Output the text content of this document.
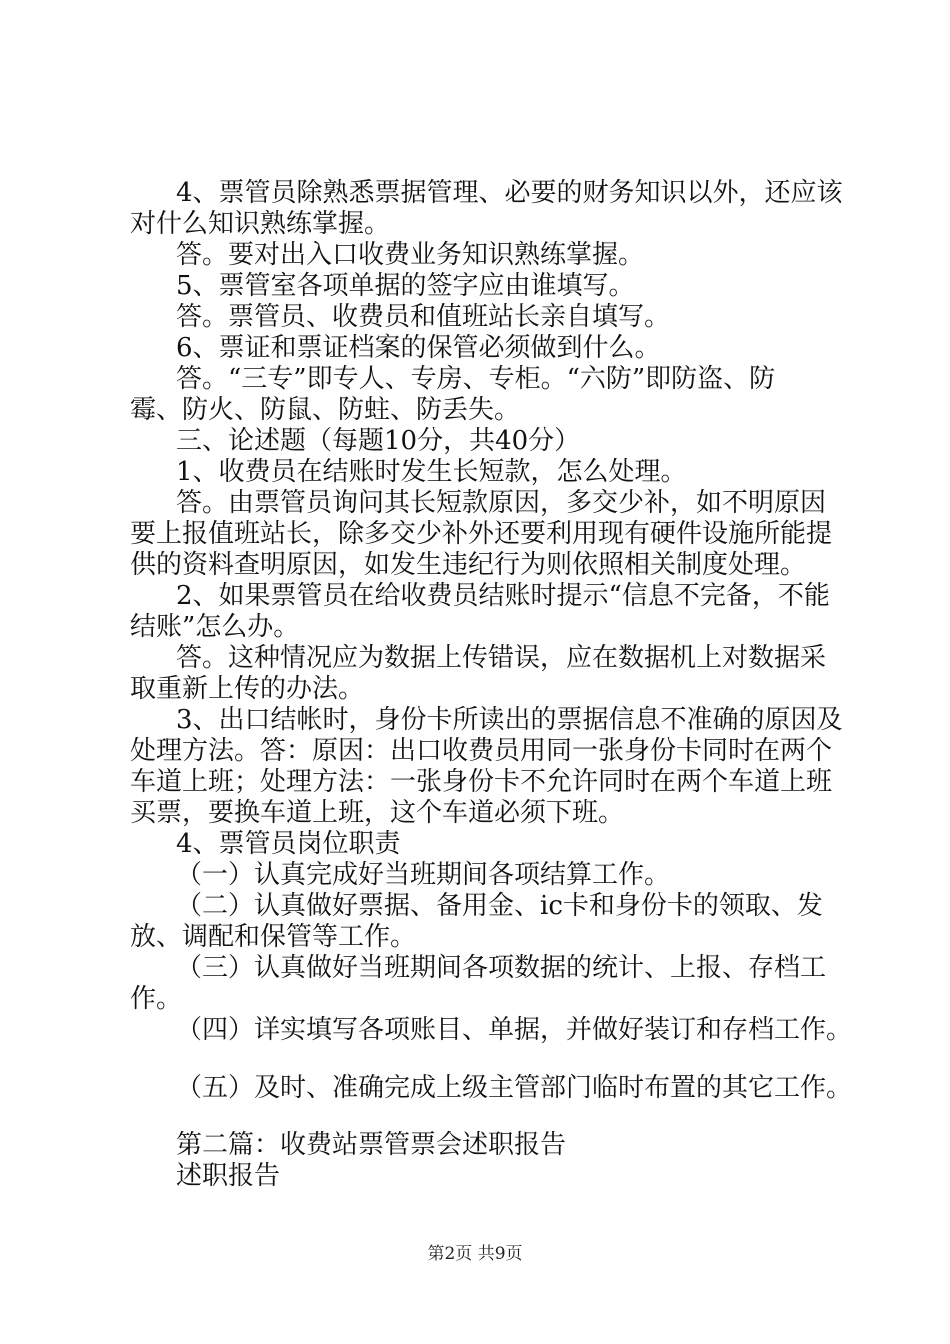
4、票管员除熟悉票据管理、必要的财务知识以外，还应该
对什么知识熟练掌握。
答。要对出入口收费业务知识熟练掌握。
5、票管室各项单据的签字应由谁填写。
答。票管员、收费员和值班站长亲自填写。
6、票证和票证档案的保管必须做到什么。
答。“三专”即专人、专房、专柜。“六防”即防盗、防
霉、防火、防鼠、防蛀、防丢失。
三、论述题（每题10分，共40分）
1、收费员在结账时发生长短款，怎么处理。
答。由票管员询问其长短款原因，多交少补，如不明原因
要上报值班站长，除多交少补外还要利用现有硬件设施所能提
供的资料查明原因，如发生违纪行为则依照相关制度处理。
2、如果票管员在给收费员结账时提示“信息不完备，不能
结账”怎么办。
答。这种情况应为数据上传错误，应在数据机上对数据采
取重新上传的办法。
3、出口结帐时，身份卡所读出的票据信息不准确的原因及
处理方法。答：原因：出口收费员用同一张身份卡同时在两个
车道上班；处理方法：一张身份卡不允许同时在两个车道上班
买票，要换车道上班，这个车道必须下班。
4、票管员岗位职责
（一）认真完成好当班期间各项结算工作。
（二）认真做好票据、备用金、ic卡和身份卡的领取、发
放、调配和保管等工作。
（三）认真做好当班期间各项数据的统计、上报、存档工
作。
（四）详实填写各项账目、单据，并做好装订和存档工作。
（五）及时、准确完成上级主管部门临时布置的其它工作。
第二篇：收费站票管票会述职报告
述职报告
第2页 共9页
